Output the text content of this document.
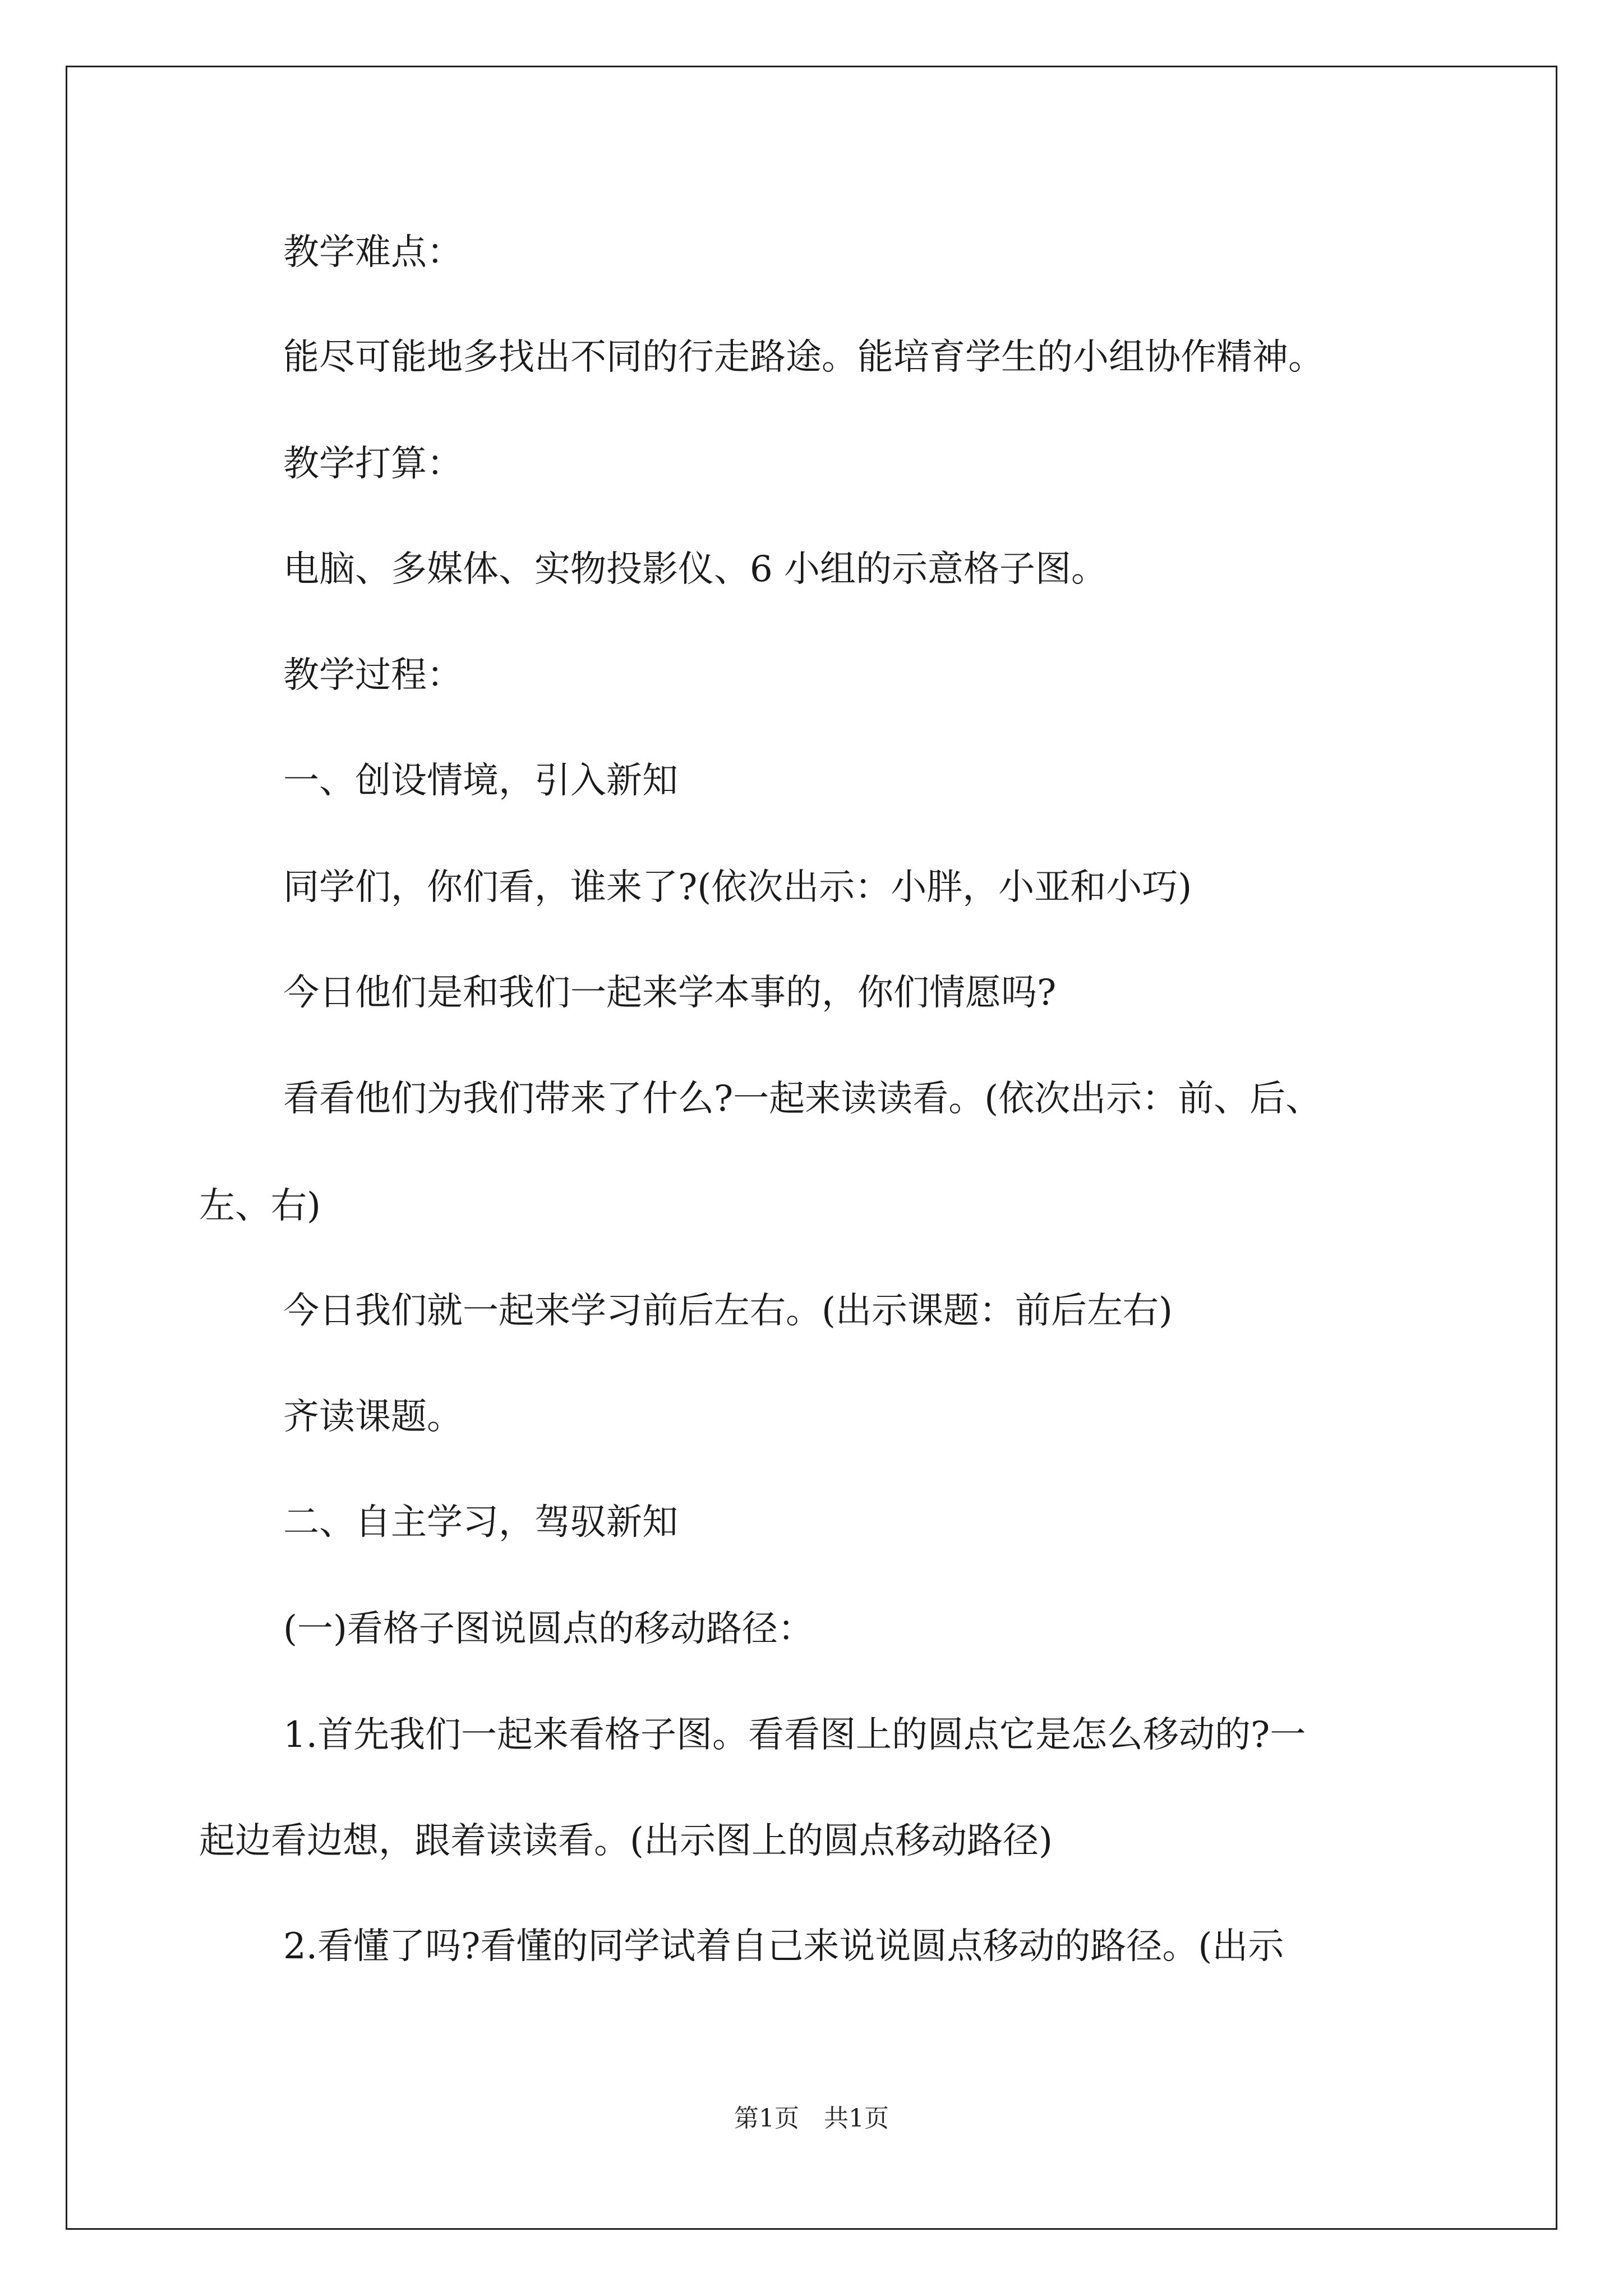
教学难点：
能尽可能地多找出不同的行走路途。能培育学生的小组协作精神。
教学打算：
电脑、多媒体、实物投影仪、6 小组的示意格子图。
教学过程：
一、创设情境，引入新知
同学们，你们看，谁来了?(依次出示：小胖，小亚和小巧)
今日他们是和我们一起来学本事的，你们情愿吗?
看看他们为我们带来了什么?一起来读读看。(依次出示：前、后、
左、右)
今日我们就一起来学习前后左右。(出示课题：前后左右)
齐读课题。
二、自主学习，驾驭新知
(一)看格子图说圆点的移动路径：
1.首先我们一起来看格子图。看看图上的圆点它是怎么移动的?一
起边看边想，跟着读读看。(出示图上的圆点移动路径)
2.看懂了吗?看懂的同学试着自己来说说圆点移动的路径。(出示
第1页　共1页
